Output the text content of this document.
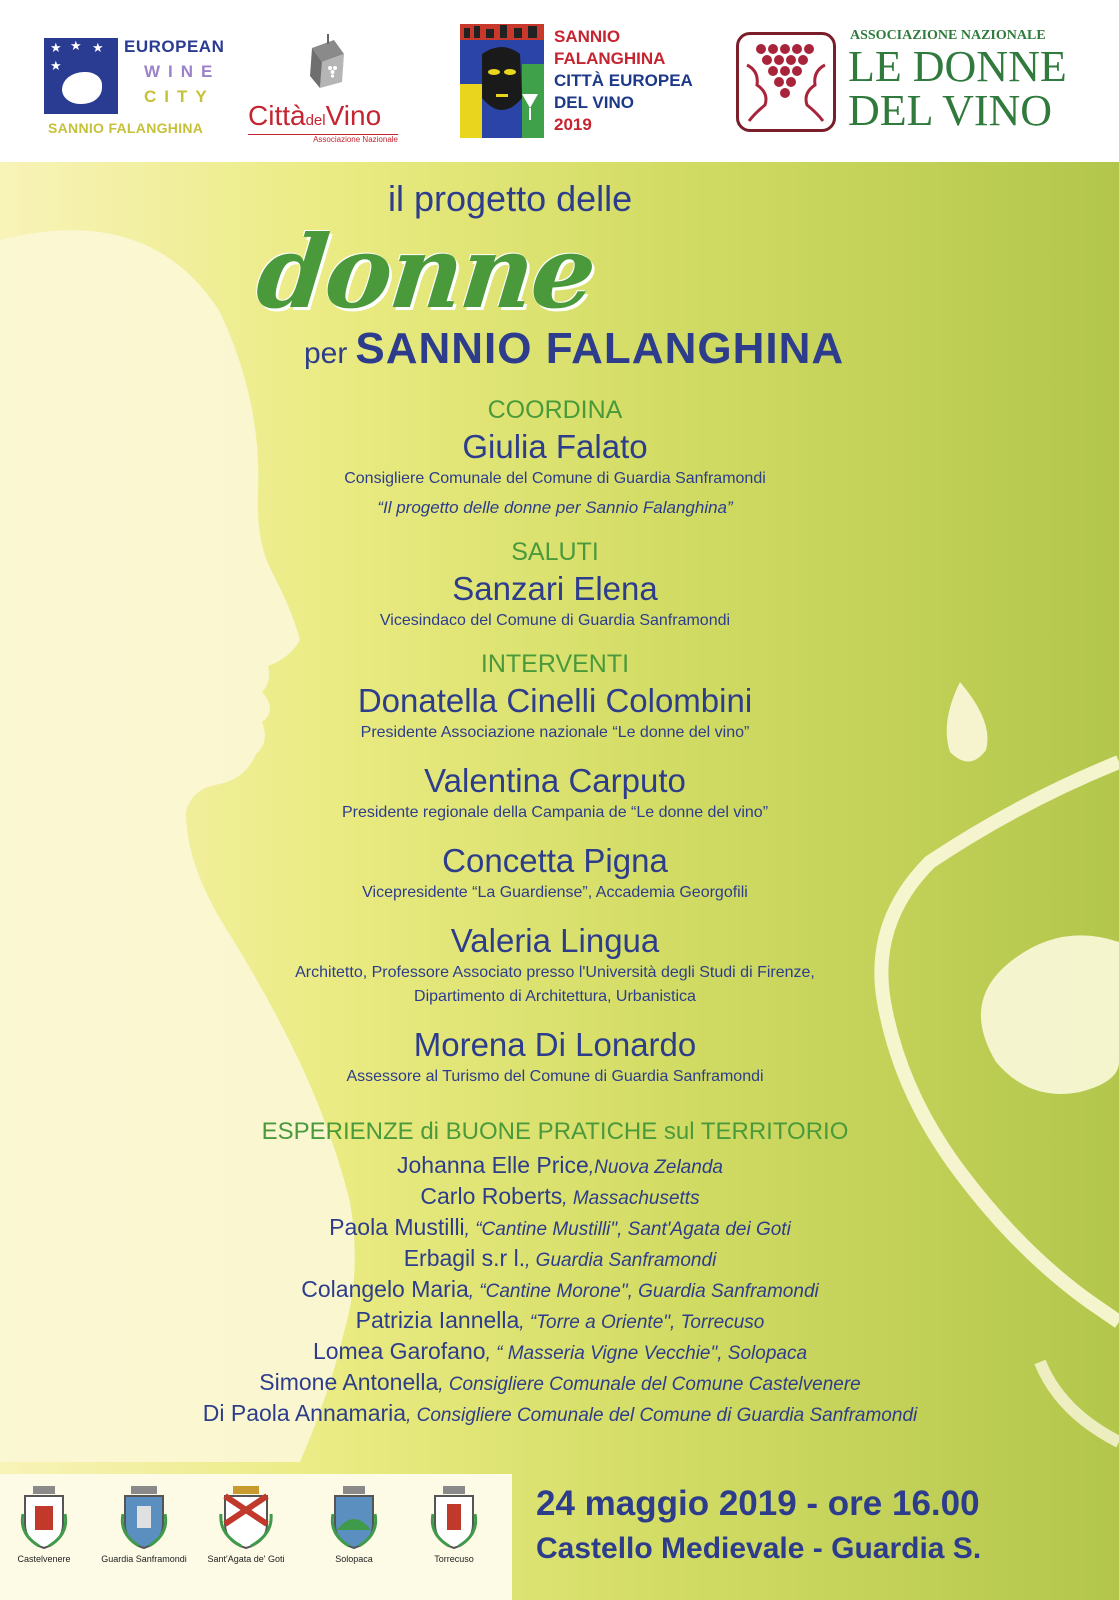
★ ★ ★
★
EUROPEAN
WINE
CITY
SANNIO FALANGHINA CittàdelVino
Associazione Nazionale
SANNIO
FALANGHINA
CITTÀ EUROPEA
DEL VINO
2019
ASSOCIAZIONE NAZIONALE
LE DONNE
DEL VINO
il progetto delle
donne
per SANNIO FALANGHINA
COORDINA
Giulia Falato
Consigliere Comunale del Comune di Guardia Sanframondi
“Il progetto delle donne per Sannio Falanghina”
SALUTI
Sanzari Elena
Vicesindaco del Comune di Guardia Sanframondi
INTERVENTI
Donatella Cinelli Colombini
Presidente Associazione nazionale “Le donne del vino”
Valentina Carputo
Presidente regionale della Campania de “Le donne del vino”
Concetta Pigna
Vicepresidente “La Guardiense”, Accademia Georgofili
Valeria Lingua
Architetto, Professore Associato presso l'Università degli Studi di Firenze,
Dipartimento di Architettura, Urbanistica
Morena Di Lonardo
Assessore al Turismo del Comune di Guardia Sanframondi
ESPERIENZE di BUONE PRATICHE sul TERRITORIO
Johanna Elle Price,Nuova Zelanda
Carlo Roberts, Massachusetts
Paola Mustilli, “Cantine Mustilli", Sant'Agata dei Goti
Erbagil s.r l., Guardia Sanframondi
Colangelo Maria, “Cantine Morone", Guardia Sanframondi
Patrizia Iannella, “Torre a Oriente", Torrecuso
Lomea Garofano, “ Masseria Vigne Vecchie", Solopaca
Simone Antonella, Consigliere Comunale del Comune Castelvenere
Di Paola Annamaria, Consigliere Comunale del Comune di Guardia Sanframondi
Castelvenere	Guardia Sanframondi	Sant'Agata de' Goti	Solopaca	Torrecuso
24 maggio 2019 - ore 16.00
Castello Medievale - Guardia S.
